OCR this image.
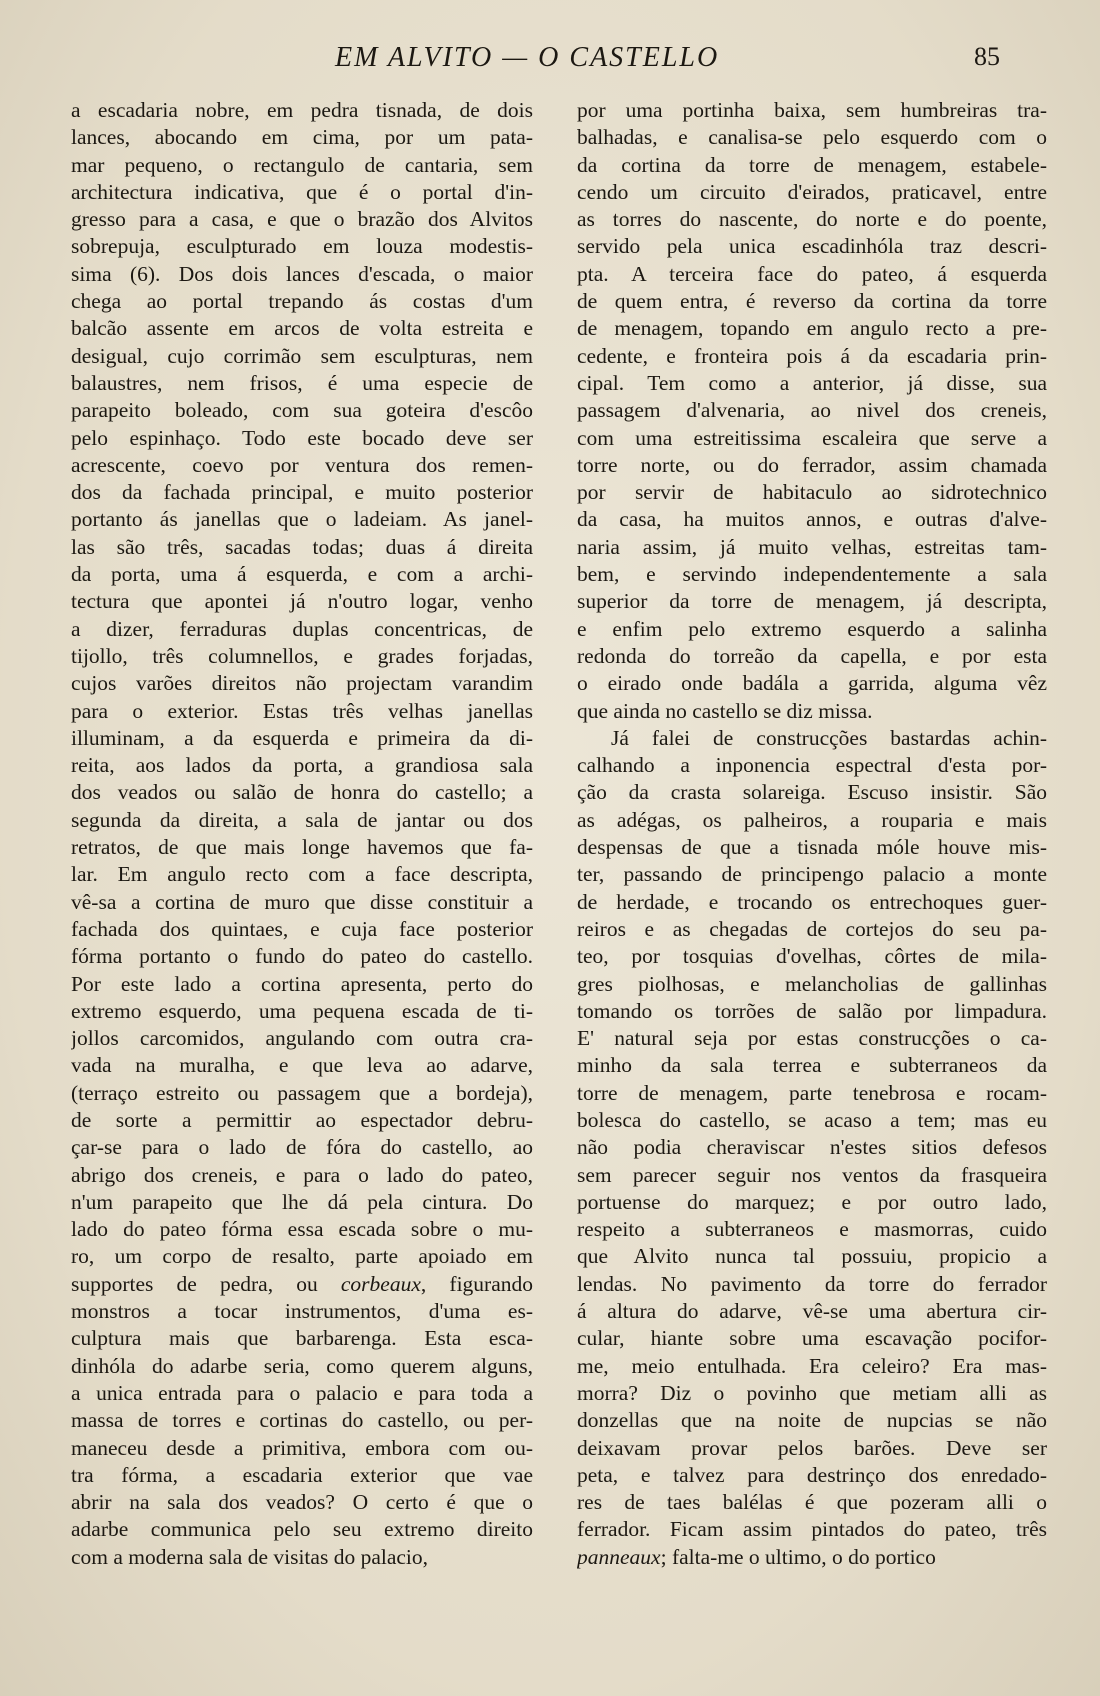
EM ALVITO — O CASTELLO	85
a escadaria nobre, em pedra tisnada, de dois
lances, abocando em cima, por um pata-
mar pequeno, o rectangulo de cantaria, sem
architectura indicativa, que é o portal d'in-
gresso para a casa, e que o brazão dos Alvitos
sobrepuja, esculpturado em louza modestis-
sima (6). Dos dois lances d'escada, o maior
chega ao portal trepando ás costas d'um
balcão assente em arcos de volta estreita e
desigual, cujo corrimão sem esculpturas, nem
balaustres, nem frisos, é uma especie de
parapeito boleado, com sua goteira d'escôo
pelo espinhaço. Todo este bocado deve ser
acrescente, coevo por ventura dos remen-
dos da fachada principal, e muito posterior
portanto ás janellas que o ladeiam. As janel-
las são três, sacadas todas; duas á direita
da porta, uma á esquerda, e com a archi-
tectura que apontei já n'outro logar, venho
a dizer, ferraduras duplas concentricas, de
tijollo, três columnellos, e grades forjadas,
cujos varões direitos não projectam varandim
para o exterior. Estas três velhas janellas
illuminam, a da esquerda e primeira da di-
reita, aos lados da porta, a grandiosa sala
dos veados ou salão de honra do castello; a
segunda da direita, a sala de jantar ou dos
retratos, de que mais longe havemos que fa-
lar. Em angulo recto com a face descripta,
vê-sa a cortina de muro que disse constituir a
fachada dos quintaes, e cuja face posterior
fórma portanto o fundo do pateo do castello.
Por este lado a cortina apresenta, perto do
extremo esquerdo, uma pequena escada de ti-
jollos carcomidos, angulando com outra cra-
vada na muralha, e que leva ao adarve,
(terraço estreito ou passagem que a bordeja),
de sorte a permittir ao espectador debru-
çar-se para o lado de fóra do castello, ao
abrigo dos creneis, e para o lado do pateo,
n'um parapeito que lhe dá pela cintura. Do
lado do pateo fórma essa escada sobre o mu-
ro, um corpo de resalto, parte apoiado em
supportes de pedra, ou corbeaux, figurando
monstros a tocar instrumentos, d'uma es-
culptura mais que barbarenga. Esta esca-
dinhóla do adarbe seria, como querem alguns,
a unica entrada para o palacio e para toda a
massa de torres e cortinas do castello, ou per-
maneceu desde a primitiva, embora com ou-
tra fórma, a escadaria exterior que vae
abrir na sala dos veados? O certo é que o
adarbe communica pelo seu extremo direito
com a moderna sala de visitas do palacio,
por uma portinha baixa, sem humbreiras tra-
balhadas, e canalisa-se pelo esquerdo com o
da cortina da torre de menagem, estabele-
cendo um circuito d'eirados, praticavel, entre
as torres do nascente, do norte e do poente,
servido pela unica escadinhóla traz descri-
pta. A terceira face do pateo, á esquerda
de quem entra, é reverso da cortina da torre
de menagem, topando em angulo recto a pre-
cedente, e fronteira pois á da escadaria prin-
cipal. Tem como a anterior, já disse, sua
passagem d'alvenaria, ao nivel dos creneis,
com uma estreitissima escaleira que serve a
torre norte, ou do ferrador, assim chamada
por servir de habitaculo ao sidrotechnico
da casa, ha muitos annos, e outras d'alve-
naria assim, já muito velhas, estreitas tam-
bem, e servindo independentemente a sala
superior da torre de menagem, já descripta,
e enfim pelo extremo esquerdo a salinha
redonda do torreão da capella, e por esta
o eirado onde badála a garrida, alguma vêz
que ainda no castello se diz missa.
Já falei de construcções bastardas achin-
calhando a inponencia espectral d'esta por-
ção da crasta solareiga. Escuso insistir. São
as adégas, os palheiros, a rouparia e mais
despensas de que a tisnada móle houve mis-
ter, passando de principengo palacio a monte
de herdade, e trocando os entrechoques guer-
reiros e as chegadas de cortejos do seu pa-
teo, por tosquias d'ovelhas, côrtes de mila-
gres piolhosas, e melancholias de gallinhas
tomando os torrões de salão por limpadura.
E' natural seja por estas construcções o ca-
minho da sala terrea e subterraneos da
torre de menagem, parte tenebrosa e rocam-
bolesca do castello, se acaso a tem; mas eu
não podia cheraviscar n'estes sitios defesos
sem parecer seguir nos ventos da frasqueira
portuense do marquez; e por outro lado,
respeito a subterraneos e masmorras, cuido
que Alvito nunca tal possuiu, propicio a
lendas. No pavimento da torre do ferrador
á altura do adarve, vê-se uma abertura cir-
cular, hiante sobre uma escavação pocifor-
me, meio entulhada. Era celeiro? Era mas-
morra? Diz o povinho que metiam alli as
donzellas que na noite de nupcias se não
deixavam provar pelos barões. Deve ser
peta, e talvez para destrinço dos enredado-
res de taes balélas é que pozeram alli o
ferrador. Ficam assim pintados do pateo, três
panneaux; falta-me o ultimo, o do portico
